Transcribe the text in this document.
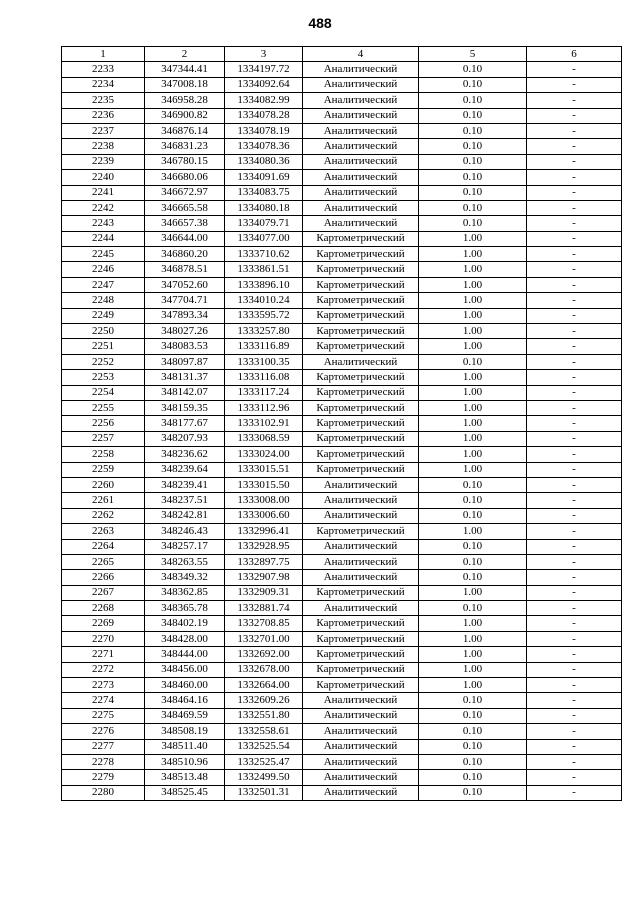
488
1	2	3	4	5	6
2233	347344.41	1334197.72	Аналитический	0.10	-
2234	347008.18	1334092.64	Аналитический	0.10	-
2235	346958.28	1334082.99	Аналитический	0.10	-
2236	346900.82	1334078.28	Аналитический	0.10	-
2237	346876.14	1334078.19	Аналитический	0.10	-
2238	346831.23	1334078.36	Аналитический	0.10	-
2239	346780.15	1334080.36	Аналитический	0.10	-
2240	346680.06	1334091.69	Аналитический	0.10	-
2241	346672.97	1334083.75	Аналитический	0.10	-
2242	346665.58	1334080.18	Аналитический	0.10	-
2243	346657.38	1334079.71	Аналитический	0.10	-
2244	346644.00	1334077.00	Картометрический	1.00	-
2245	346860.20	1333710.62	Картометрический	1.00	-
2246	346878.51	1333861.51	Картометрический	1.00	-
2247	347052.60	1333896.10	Картометрический	1.00	-
2248	347704.71	1334010.24	Картометрический	1.00	-
2249	347893.34	1333595.72	Картометрический	1.00	-
2250	348027.26	1333257.80	Картометрический	1.00	-
2251	348083.53	1333116.89	Картометрический	1.00	-
2252	348097.87	1333100.35	Аналитический	0.10	-
2253	348131.37	1333116.08	Картометрический	1.00	-
2254	348142.07	1333117.24	Картометрический	1.00	-
2255	348159.35	1333112.96	Картометрический	1.00	-
2256	348177.67	1333102.91	Картометрический	1.00	-
2257	348207.93	1333068.59	Картометрический	1.00	-
2258	348236.62	1333024.00	Картометрический	1.00	-
2259	348239.64	1333015.51	Картометрический	1.00	-
2260	348239.41	1333015.50	Аналитический	0.10	-
2261	348237.51	1333008.00	Аналитический	0.10	-
2262	348242.81	1333006.60	Аналитический	0.10	-
2263	348246.43	1332996.41	Картометрический	1.00	-
2264	348257.17	1332928.95	Аналитический	0.10	-
2265	348263.55	1332897.75	Аналитический	0.10	-
2266	348349.32	1332907.98	Аналитический	0.10	-
2267	348362.85	1332909.31	Картометрический	1.00	-
2268	348365.78	1332881.74	Аналитический	0.10	-
2269	348402.19	1332708.85	Картометрический	1.00	-
2270	348428.00	1332701.00	Картометрический	1.00	-
2271	348444.00	1332692.00	Картометрический	1.00	-
2272	348456.00	1332678.00	Картометрический	1.00	-
2273	348460.00	1332664.00	Картометрический	1.00	-
2274	348464.16	1332609.26	Аналитический	0.10	-
2275	348469.59	1332551.80	Аналитический	0.10	-
2276	348508.19	1332558.61	Аналитический	0.10	-
2277	348511.40	1332525.54	Аналитический	0.10	-
2278	348510.96	1332525.47	Аналитический	0.10	-
2279	348513.48	1332499.50	Аналитический	0.10	-
2280	348525.45	1332501.31	Аналитический	0.10	-
